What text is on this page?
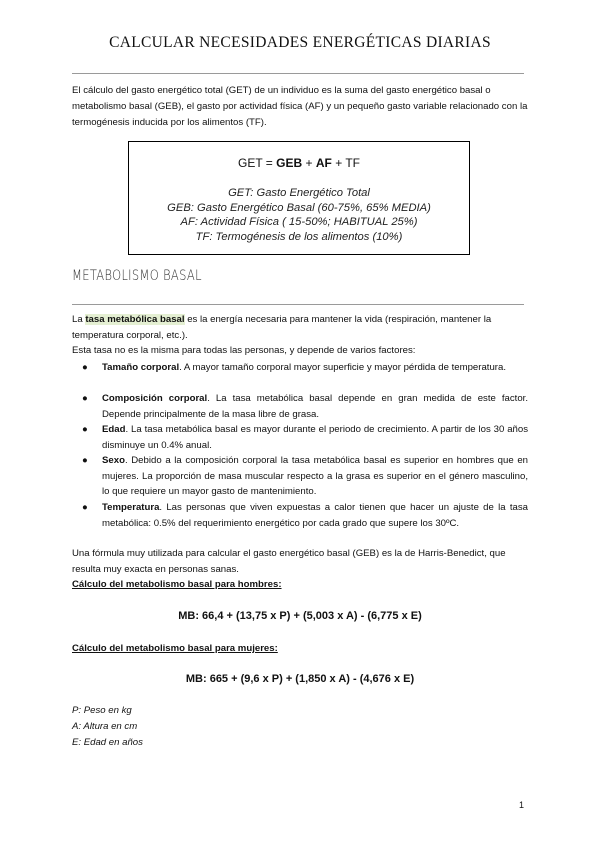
CALCULAR NECESIDADES ENERGÉTICAS DIARIAS
El cálculo del gasto energético total (GET) de un individuo es la suma del gasto energético basal o metabolismo basal (GEB), el gasto por actividad física (AF) y un pequeño gasto variable relacionado con la termogénesis inducida por los alimentos (TF).
GET = GEB + AF + TF
GET: Gasto Energético Total
GEB: Gasto Energético Basal (60-75%, 65% MEDIA)
AF: Actividad Física ( 15-50%; HABITUAL 25%)
TF: Termogénesis de los alimentos (10%)
METABOLISMO BASAL
La tasa metabólica basal es la energía necesaria para mantener la vida (respiración, mantener la temperatura corporal, etc.).
Esta tasa no es la misma para todas las personas, y depende de varios factores:
● Tamaño corporal. A mayor tamaño corporal mayor superficie y mayor pérdida de temperatura.
● Composición corporal. La tasa metabólica basal depende en gran medida de este factor. Depende principalmente de la masa libre de grasa.
● Edad. La tasa metabólica basal es mayor durante el periodo de crecimiento. A partir de los 30 años disminuye un 0.4% anual.
● Sexo. Debido a la composición corporal la tasa metabólica basal es superior en hombres que en mujeres. La proporción de masa muscular respecto a la grasa es superior en el género masculino, lo que requiere un mayor gasto de mantenimiento.
● Temperatura. Las personas que viven expuestas a calor tienen que hacer un ajuste de la tasa metabólica: 0.5% del requerimiento energético por cada grado que supere los 30ºC.
Una fórmula muy utilizada para calcular el gasto energético basal (GEB) es la de Harris-Benedict, que resulta muy exacta en personas sanas.
Cálculo del metabolismo basal para hombres:
MB: 66,4 + (13,75 x P) + (5,003 x A) - (6,775 x E)
Cálculo del metabolismo basal para mujeres:
MB: 665 + (9,6 x P) + (1,850 x A) - (4,676 x E)
P: Peso en kg
A: Altura en cm
E: Edad en años
1
